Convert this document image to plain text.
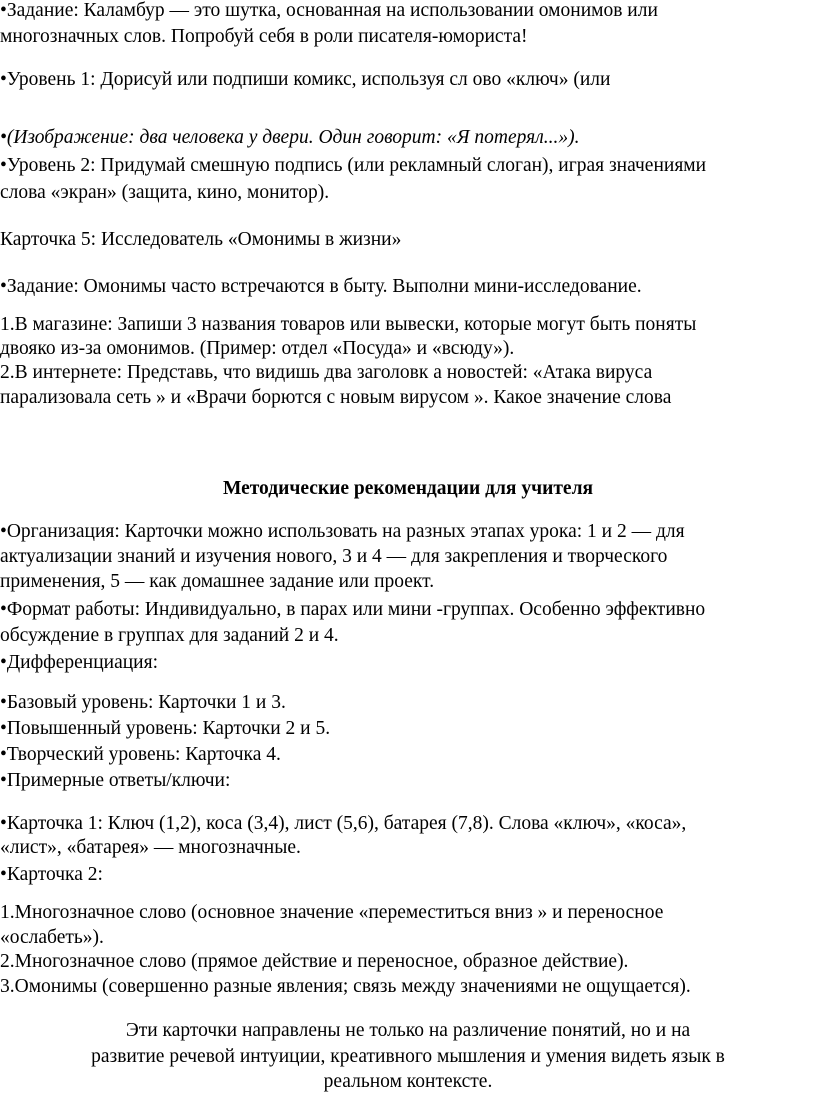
•Задание: Каламбур — это шутка, основанная на использовании омонимов или
многозначных слов. Попробуй себя в роли писателя-юмориста!
•Уровень 1: Дорисуй или подпиши комикс, используя сл ово «ключ» (или
•(Изображение: два человека у двери. Один говорит: «Я потерял...»).
•Уровень 2: Придумай смешную подпись (или рекламный слоган), играя значениями
слова «экран» (защита, кино, монитор).
Карточка 5: Исследователь «Омонимы в жизни»
•Задание: Омонимы часто встречаются в быту. Выполни мини-исследование.
1.В магазине: Запиши 3 названия товаров или вывески, которые могут быть поняты
двояко из-за омонимов. (Пример: отдел «Посуда» и «всюду»).
2.В интернете: Представь, что видишь два заголовк а новостей: «Атака вируса
парализовала сеть » и «Врачи борются с новым вирусом ». Какое значение слова
Методические рекомендации для учителя
•Организация: Карточки можно использовать на разных этапах урока: 1 и 2 — для
актуализации знаний и изучения нового, 3 и 4 — для закрепления и творческого
применения, 5 — как домашнее задание или проект.
•Формат работы: Индивидуально, в парах или мини -группах. Особенно эффективно
обсуждение в группах для заданий 2 и 4.
•Дифференциация:
•Базовый уровень: Карточки 1 и 3.
•Повышенный уровень: Карточки 2 и 5.
•Творческий уровень: Карточка 4.
•Примерные ответы/ключи:
•Карточка 1: Ключ (1,2), коса (3,4), лист (5,6), батарея (7,8). Слова «ключ», «коса»,
«лист», «батарея» — многозначные.
•Карточка 2:
1.Многозначное слово (основное значение «переместиться вниз » и переносное
«ослабеть»).
2.Многозначное слово (прямое действие и переносное, образное действие).
3.Омонимы (совершенно разные явления; связь между значениями не ощущается).
Эти карточки направлены не только на различение понятий, но и на
развитие речевой интуиции, креативного мышления и умения видеть язык в
реальном контексте.
